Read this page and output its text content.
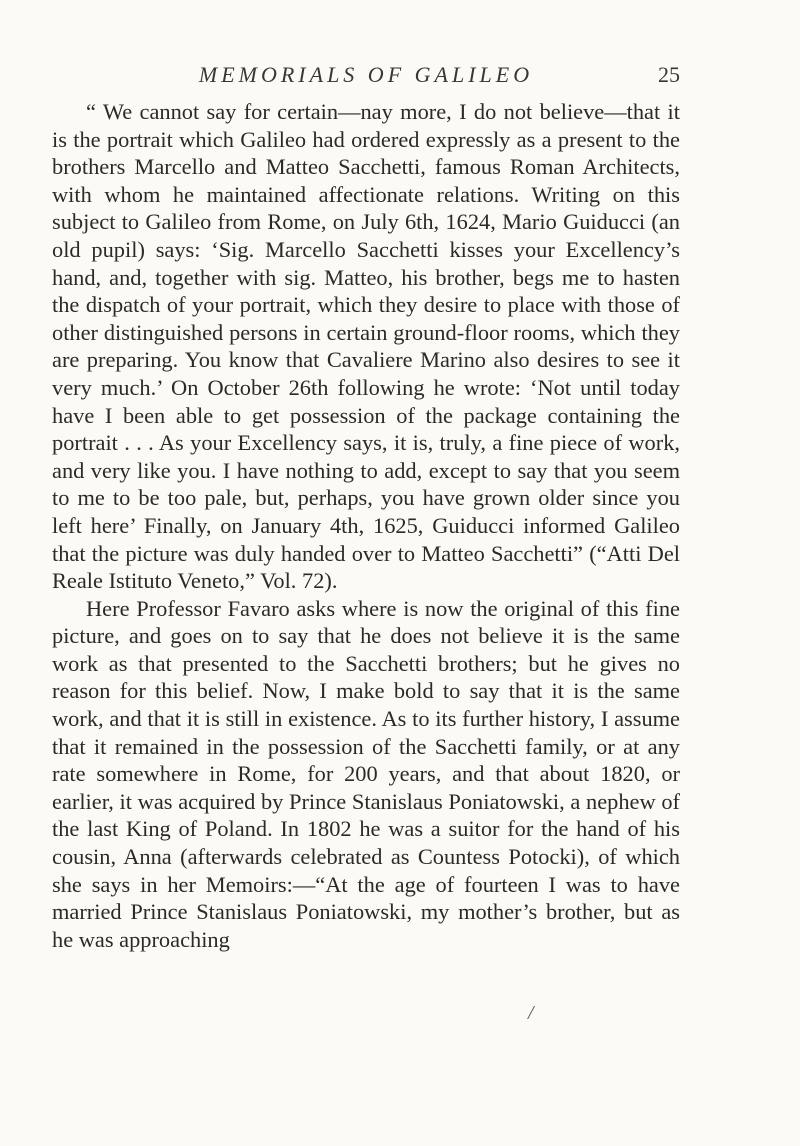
MEMORIALS OF GALILEO	25

“ We cannot say for certain—nay more, I do not believe—that it is the portrait which Galileo had ordered expressly as a present to the brothers Marcello and Matteo Sacchetti, famous Roman Architects, with whom he maintained affectionate relations. Writing on this subject to Galileo from Rome, on July 6th, 1624, Mario Guiducci (an old pupil) says: ‘Sig. Marcello Sacchetti kisses your Excellency’s hand, and, together with sig. Matteo, his brother, begs me to hasten the dispatch of your portrait, which they desire to place with those of other distinguished persons in certain ground-floor rooms, which they are preparing. You know that Cavaliere Marino also desires to see it very much.’ On October 26th following he wrote: ‘Not until today have I been able to get possession of the package containing the portrait . . . As your Excellency says, it is, truly, a fine piece of work, and very like you. I have nothing to add, except to say that you seem to me to be too pale, but, perhaps, you have grown older since you left here’ Finally, on January 4th, 1625, Guiducci informed Galileo that the picture was duly handed over to Matteo Sacchetti” (“Atti Del Reale Istituto Veneto,” Vol. 72).

Here Professor Favaro asks where is now the original of this fine picture, and goes on to say that he does not believe it is the same work as that presented to the Sacchetti brothers; but he gives no reason for this belief. Now, I make bold to say that it is the same work, and that it is still in existence. As to its further history, I assume that it remained in the possession of the Sacchetti family, or at any rate somewhere in Rome, for 200 years, and that about 1820, or earlier, it was acquired by Prince Stanislaus Poniatowski, a nephew of the last King of Poland. In 1802 he was a suitor for the hand of his cousin, Anna (afterwards celebrated as Countess Potocki), of which she says in her Memoirs:—“At the age of fourteen I was to have married Prince Stanislaus Poniatowski, my mother’s brother, but as he was approaching

/
